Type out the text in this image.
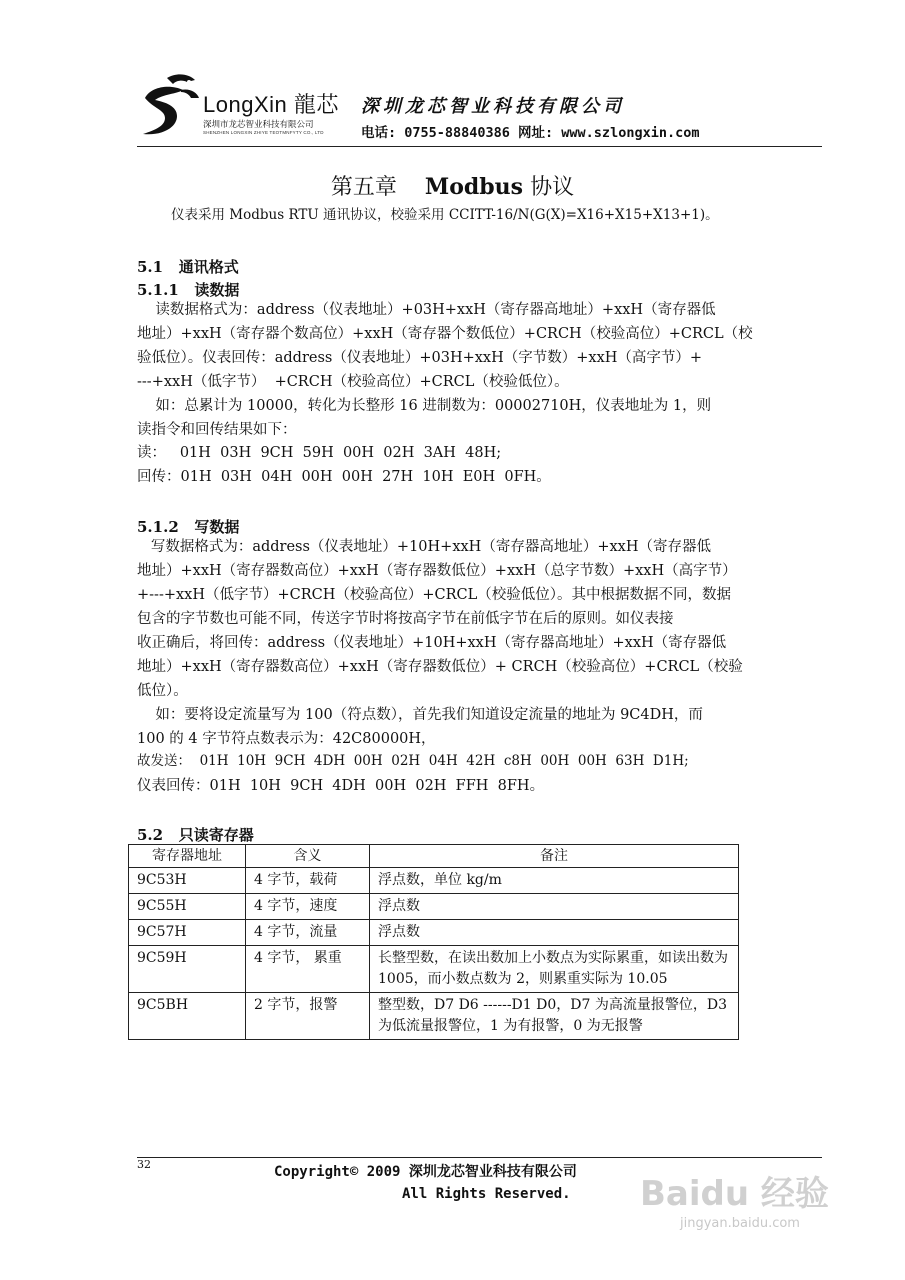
LongXin 龍芯
深圳市龙芯智业科技有限公司
SHENZHEN LONGXIN ZHIYE TEOTMNFYTY CO., LTD
深圳龙芯智业科技有限公司
电话: 0755-88840386 网址: www.szlongxin.com
第五章 Modbus 协议
仪表采用 Modbus RTU 通讯协议，校验采用 CCITT-16/N(G(X)=X16+X15+X13+1)。
5.1   通讯格式
5.1.1   读数据
读数据格式为：address（仪表地址）+03H+xxH（寄存器高地址）+xxH（寄存器低
地址）+xxH（寄存器个数高位）+xxH（寄存器个数低位）+CRCH（校验高位）+CRCL（校
验低位）。仪表回传：address（仪表地址）+03H+xxH（字节数）+xxH（高字节）+
---+xxH（低字节）  +CRCH（校验高位）+CRCL（校验低位）。
如：总累计为 10000，转化为长整形 16 进制数为：00002710H，仪表地址为 1，则
读指令和回传结果如下：
读：   01H  03H  9CH  59H  00H  02H  3AH  48H;
回传：01H  03H  04H  00H  00H  27H  10H  E0H  0FH。
5.1.2   写数据
写数据格式为：address（仪表地址）+10H+xxH（寄存器高地址）+xxH（寄存器低
地址）+xxH（寄存器数高位）+xxH（寄存器数低位）+xxH（总字节数）+xxH（高字节）
+---+xxH（低字节）+CRCH（校验高位）+CRCL（校验低位）。其中根据数据不同，数据
包含的字节数也可能不同，传送字节时将按高字节在前低字节在后的原则。如仪表接
收正确后，将回传：address（仪表地址）+10H+xxH（寄存器高地址）+xxH（寄存器低
地址）+xxH（寄存器数高位）+xxH（寄存器数低位）+ CRCH（校验高位）+CRCL（校验
低位）。
如：要将设定流量写为 100（符点数），首先我们知道设定流量的地址为 9C4DH，而
100 的 4 字节符点数表示为：42C80000H，
故发送：  01H  10H  9CH  4DH  00H  02H  04H  42H  c8H  00H  00H  63H  D1H;
仪表回传：01H  10H  9CH  4DH  00H  02H  FFH  8FH。
5.2   只读寄存器
寄存器地址	含义	备注
9C53H	4 字节，载荷	浮点数，单位 kg/m
9C55H	4 字节，速度	浮点数
9C57H	4 字节，流量	浮点数
9C59H	4 字节， 累重	长整型数，在读出数加上小数点为实际累重，如读出数为 1005，而小数点数为 2，则累重实际为 10.05
9C5BH	2 字节，报警	整型数，D7 D6 ------D1 D0，D7 为高流量报警位，D3 为低流量报警位，1 为有报警，0 为无报警
32	Copyright© 2009 深圳龙芯智业科技有限公司
All Rights Reserved. Baidu 经验
jingyan.baidu.com
